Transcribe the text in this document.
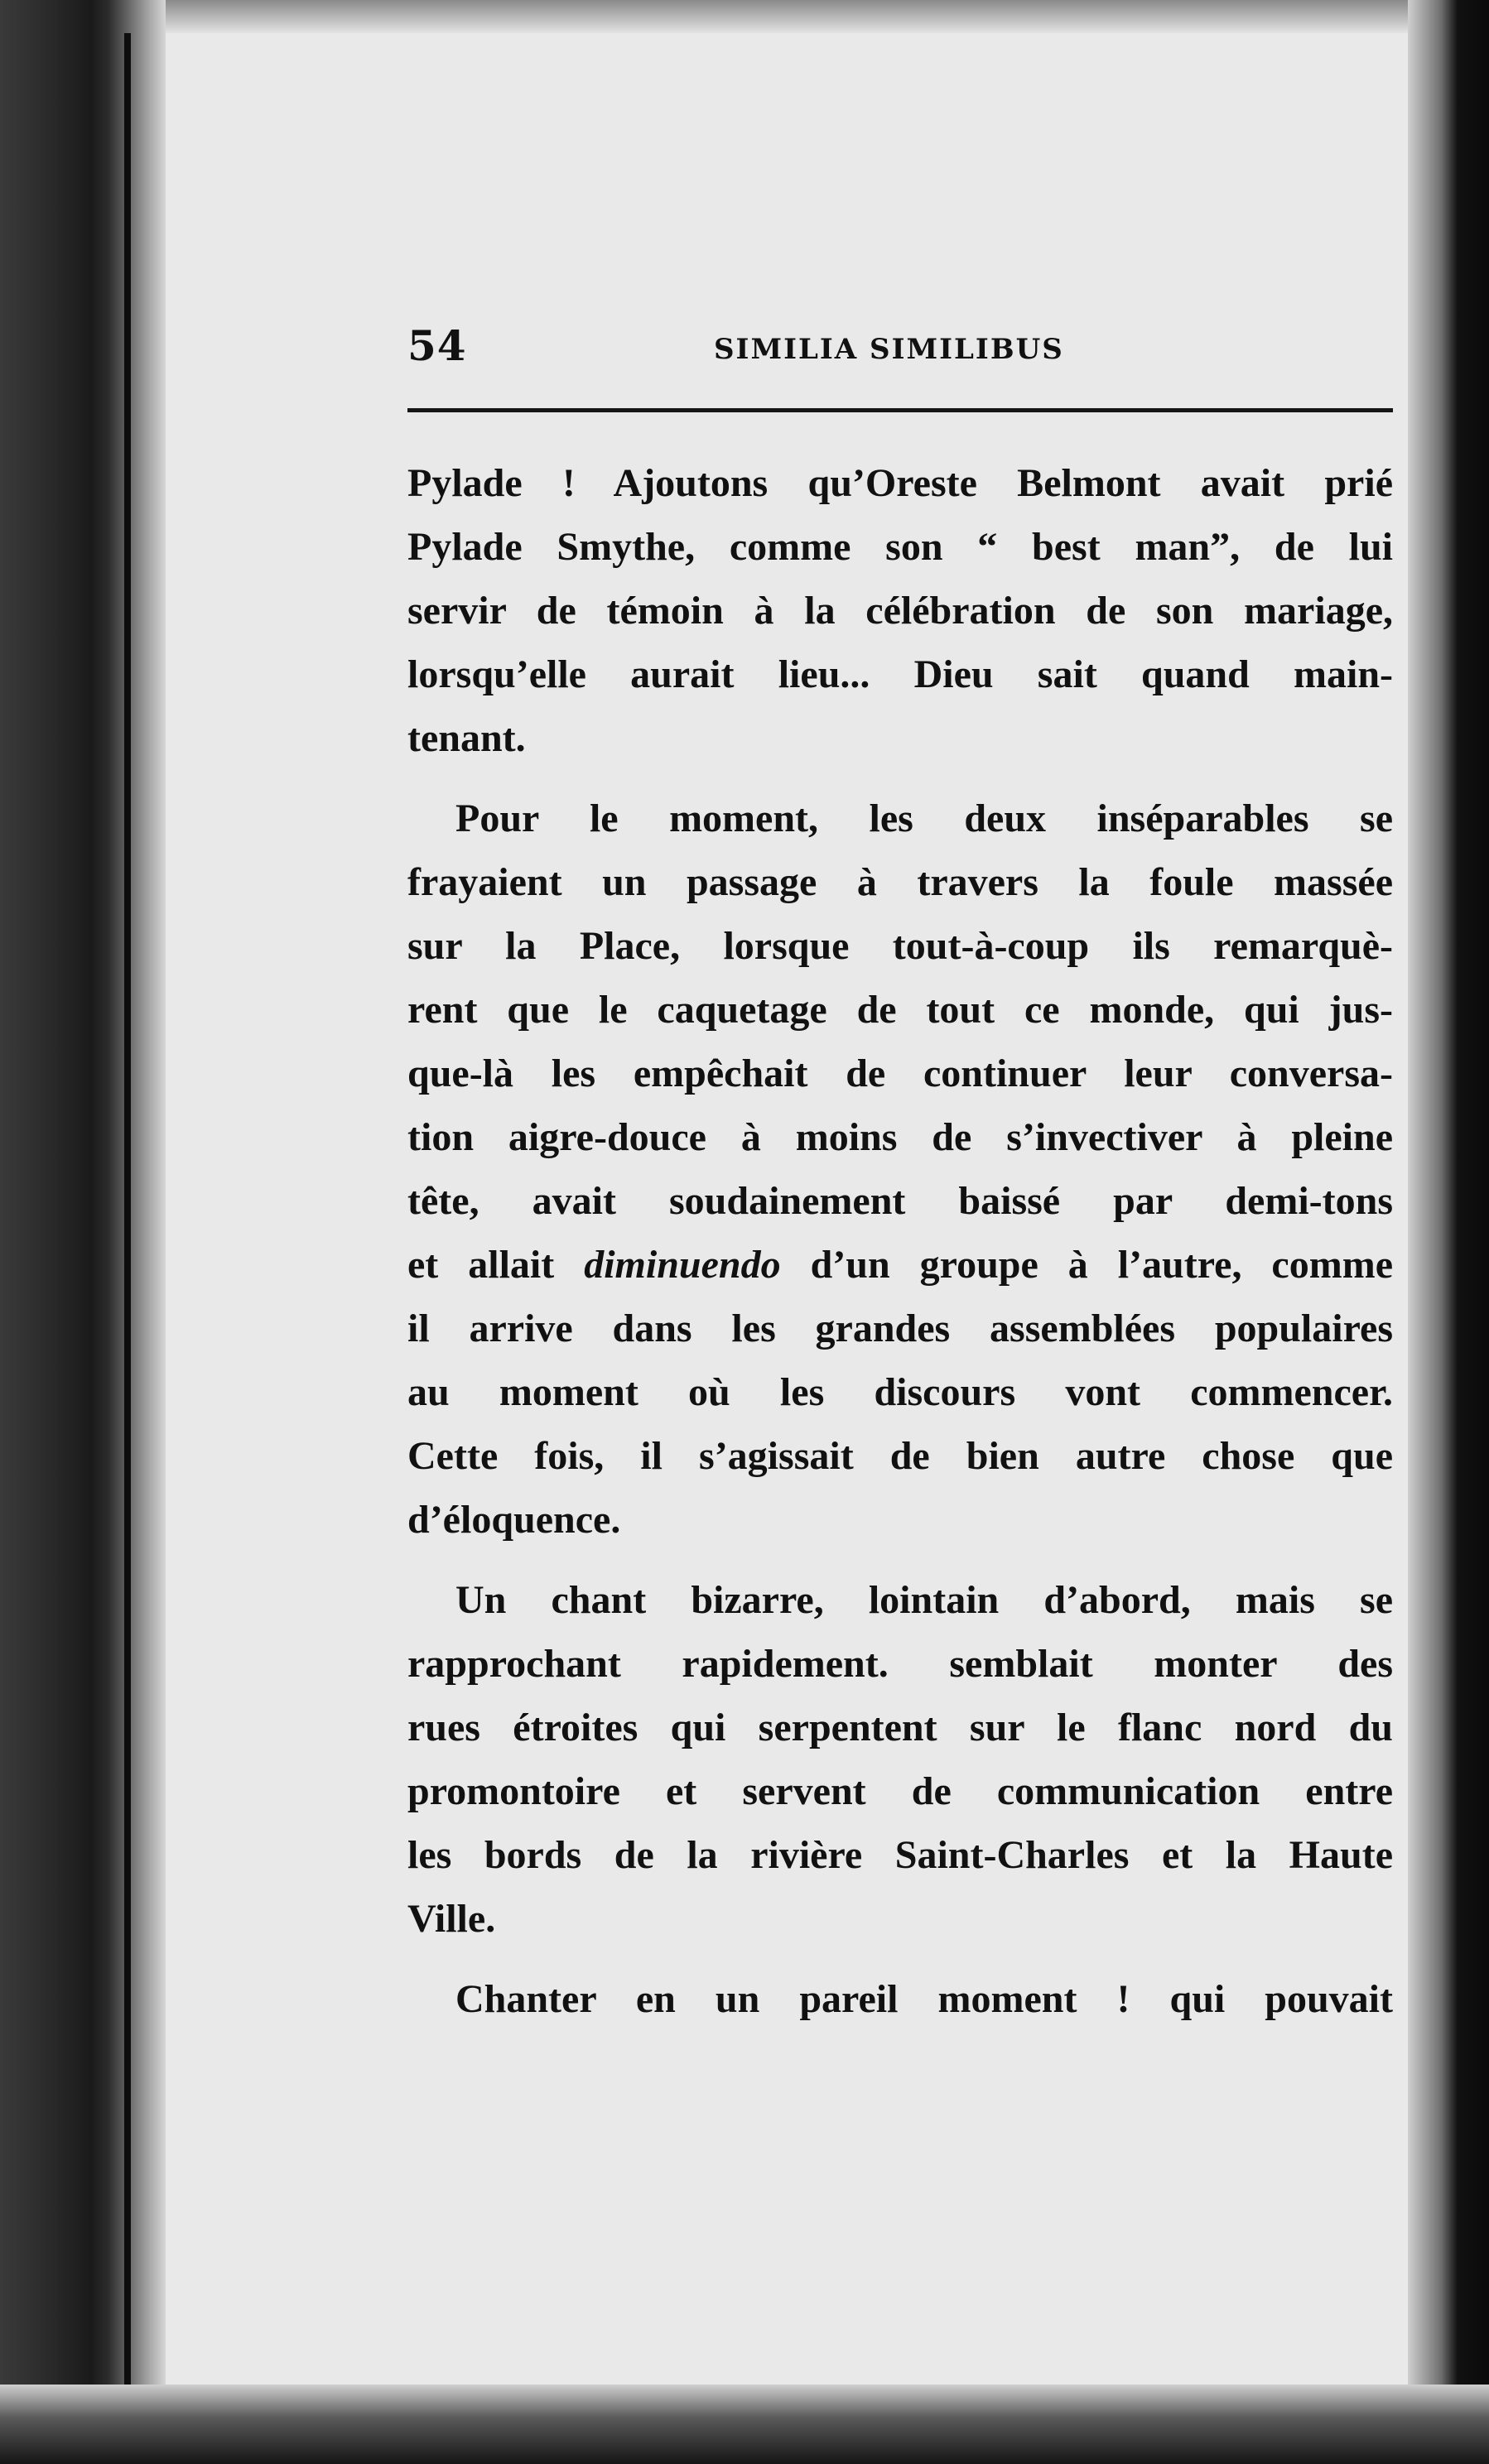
54	SIMILIA SIMILIBUS
Pylade ! Ajoutons qu’Oreste Belmont avait prié
Pylade Smythe, comme son “ best man”, de lui
servir de témoin à la célébration de son mariage,
lorsqu’elle aurait lieu... Dieu sait quand main-
tenant.
Pour le moment, les deux inséparables se
frayaient un passage à travers la foule massée
sur la Place, lorsque tout-à-coup ils remarquè-
rent que le caquetage de tout ce monde, qui jus-
que-là les empêchait de continuer leur conversa-
tion aigre-douce à moins de s’invectiver à pleine
tête, avait soudainement baissé par demi-tons
et allait diminuendo d’un groupe à l’autre, comme
il arrive dans les grandes assemblées populaires
au moment où les discours vont commencer.
Cette fois, il s’agissait de bien autre chose que
d’éloquence.
Un chant bizarre, lointain d’abord, mais se
rapprochant rapidement. semblait monter des
rues étroites qui serpentent sur le flanc nord du
promontoire et servent de communication entre
les bords de la rivière Saint-Charles et la Haute
Ville.
Chanter en un pareil moment ! qui pouvait
